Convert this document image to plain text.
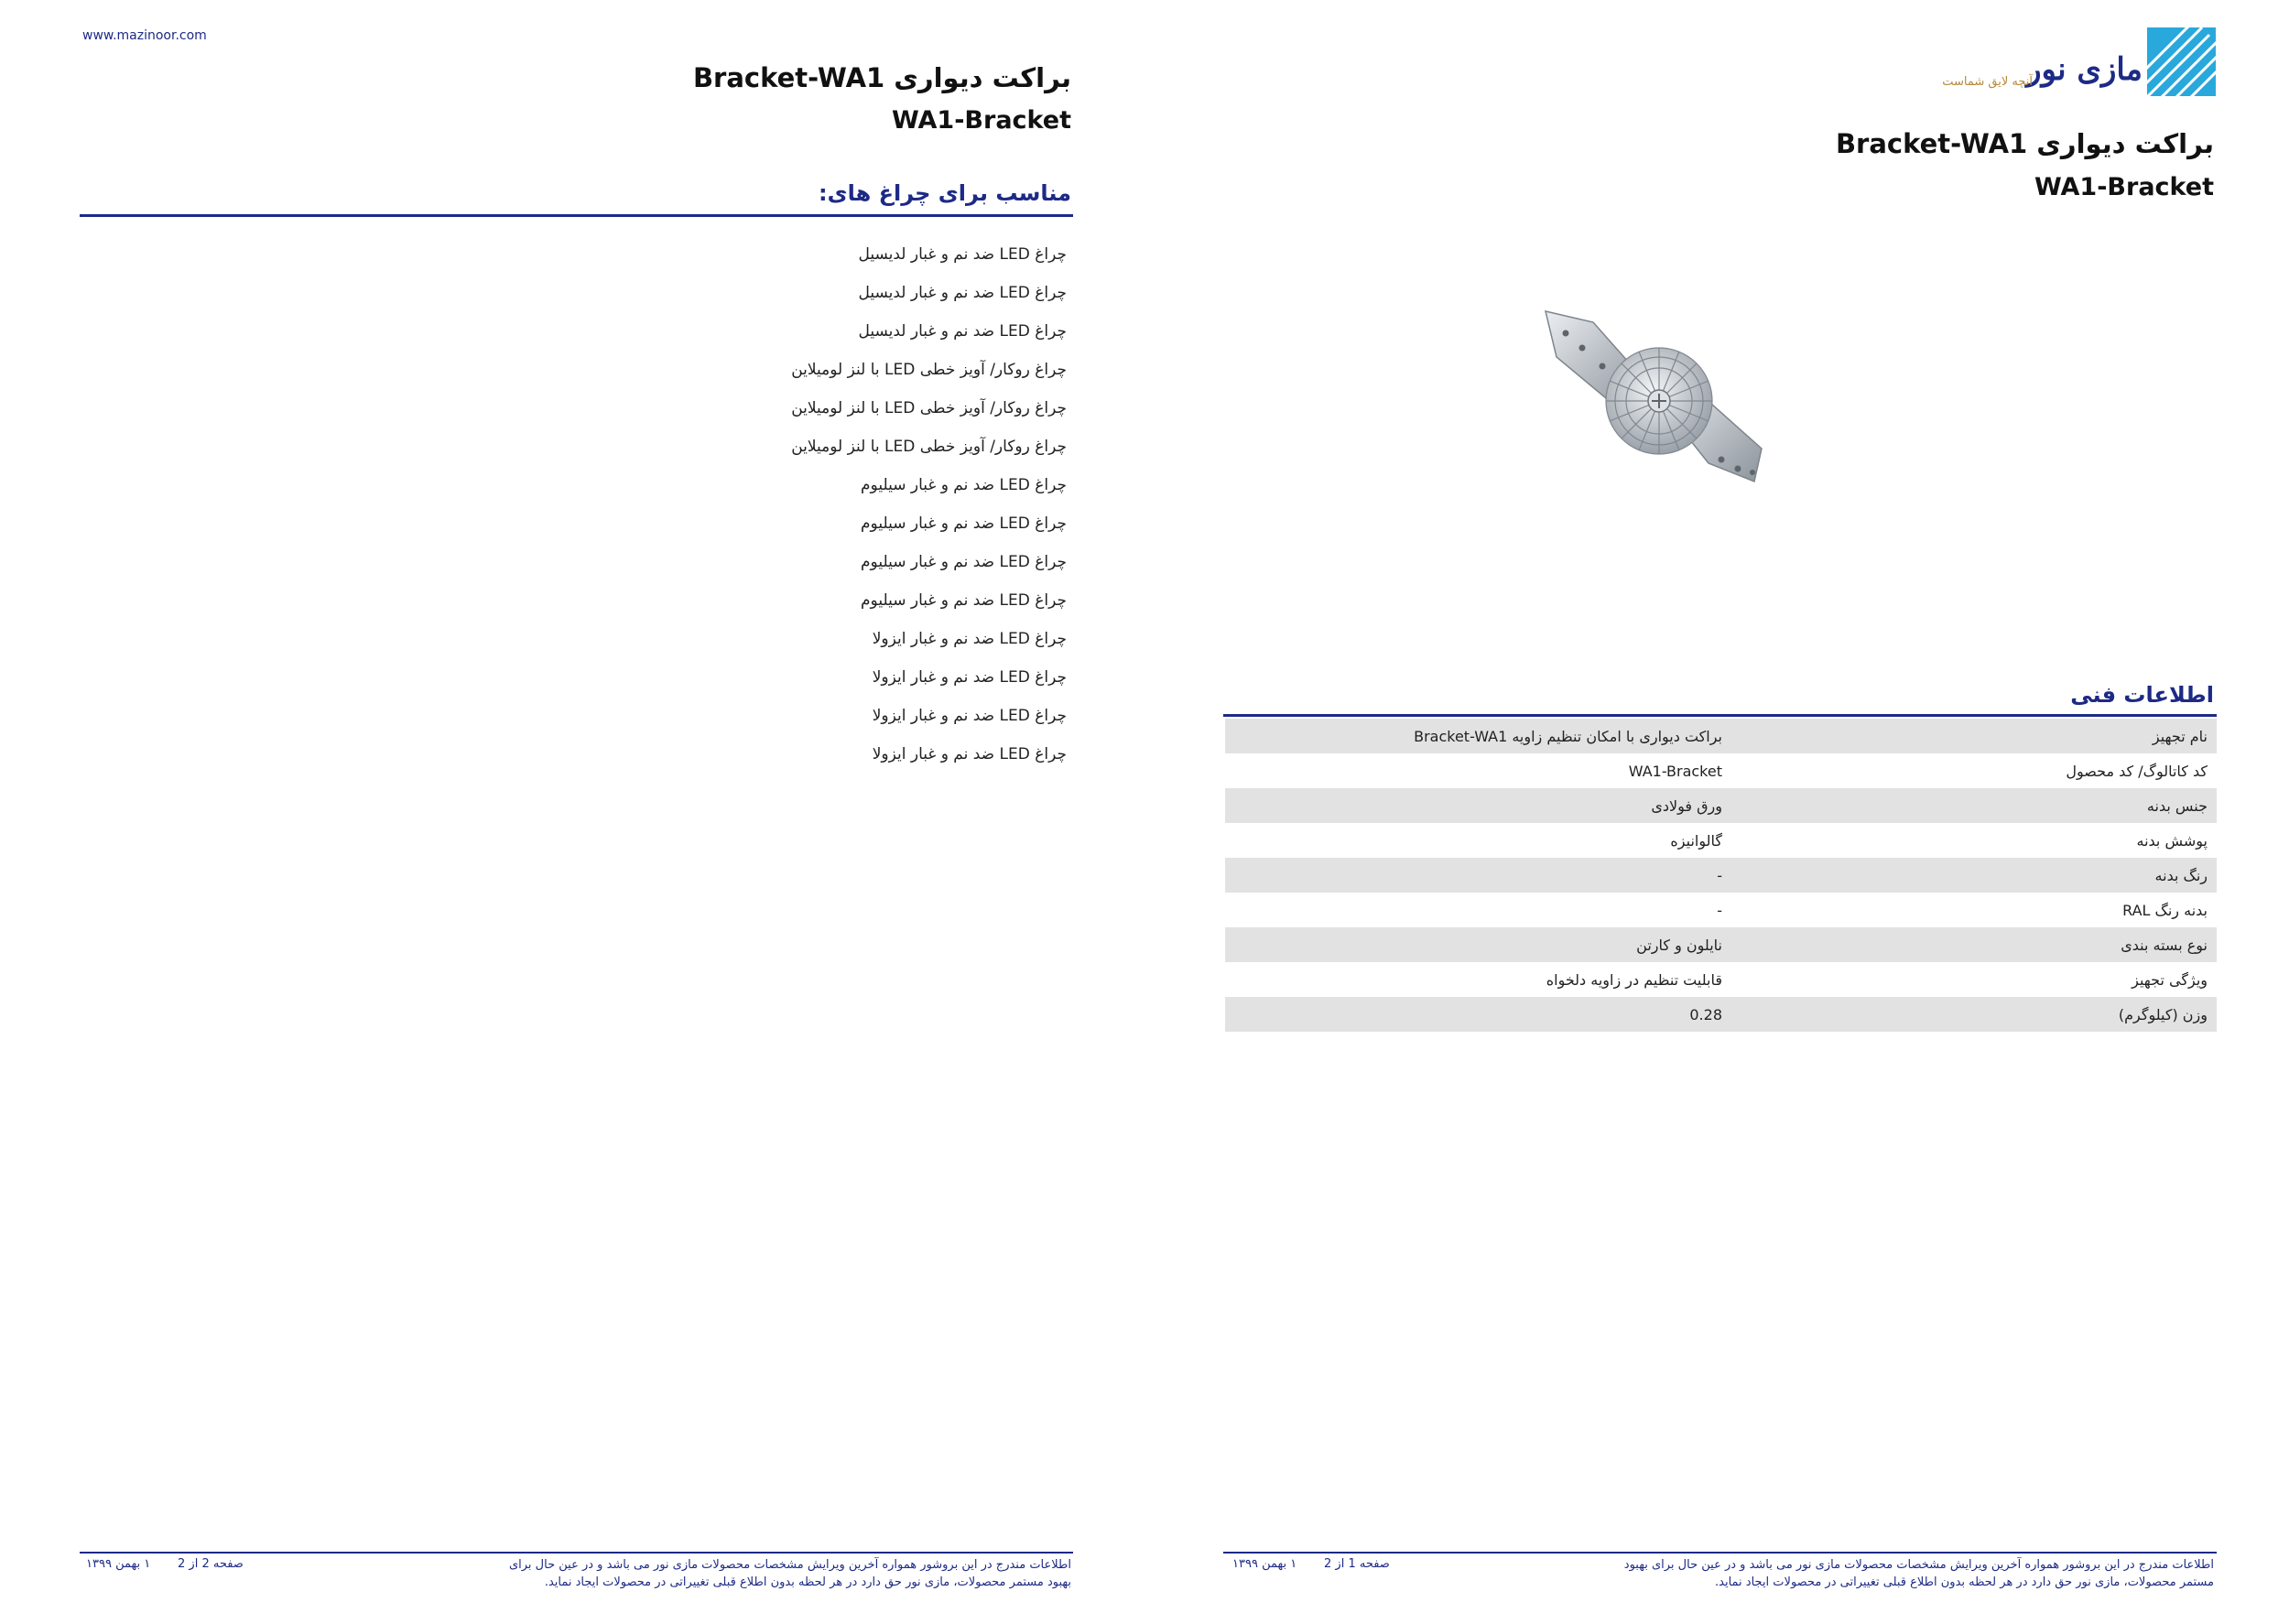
www.mazinoor.com
براکت دیواری Bracket-WA1
WA1-Bracket
مناسب برای چراغ های:
چراغ LED ضد نم و غبار لدیسیل
چراغ LED ضد نم و غبار لدیسیل
چراغ LED ضد نم و غبار لدیسیل
چراغ روکار/ آویز خطی LED با لنز لومیلاین
چراغ روکار/ آویز خطی LED با لنز لومیلاین
چراغ روکار/ آویز خطی LED با لنز لومیلاین
چراغ LED ضد نم و غبار سیلیوم
چراغ LED ضد نم و غبار سیلیوم
چراغ LED ضد نم و غبار سیلیوم
چراغ LED ضد نم و غبار سیلیوم
چراغ LED ضد نم و غبار ایزولا
چراغ LED ضد نم و غبار ایزولا
چراغ LED ضد نم و غبار ایزولا
چراغ LED ضد نم و غبار ایزولا
اطلاعات مندرج در این بروشور همواره آخرین ویرایش مشخصات محصولات مازی نور می باشد و در عین حال برای بهبود مستمر محصولات، مازی نور حق دارد در هر لحظه بدون اطلاع قبلی تغییراتی در محصولات ایجاد نماید.
صفحه 2 از 2
۱ بهمن ۱۳۹۹
مازی نور
آنچه لایق شماست
براکت دیواری Bracket-WA1
WA1-Bracket
اطلاعات فنی
نام تجهیز
براکت دیواری با امکان تنظیم زاویه Bracket-WA1
کد کاتالوگ/ کد محصول
WA1-Bracket
جنس بدنه
ورق فولادی
پوشش بدنه
گالوانیزه
رنگ بدنه
-
بدنه رنگ RAL
-
نوع بسته بندی
نایلون و کارتن
ویژگی تجهیز
قابلیت تنظیم در زاویه دلخواه
وزن (کیلوگرم)
0.28
اطلاعات مندرج در این بروشور همواره آخرین ویرایش مشخصات محصولات مازی نور می باشد و در عین حال برای بهبود مستمر محصولات، مازی نور حق دارد در هر لحظه بدون اطلاع قبلی تغییراتی در محصولات ایجاد نماید.
صفحه 1 از 2
۱ بهمن ۱۳۹۹
